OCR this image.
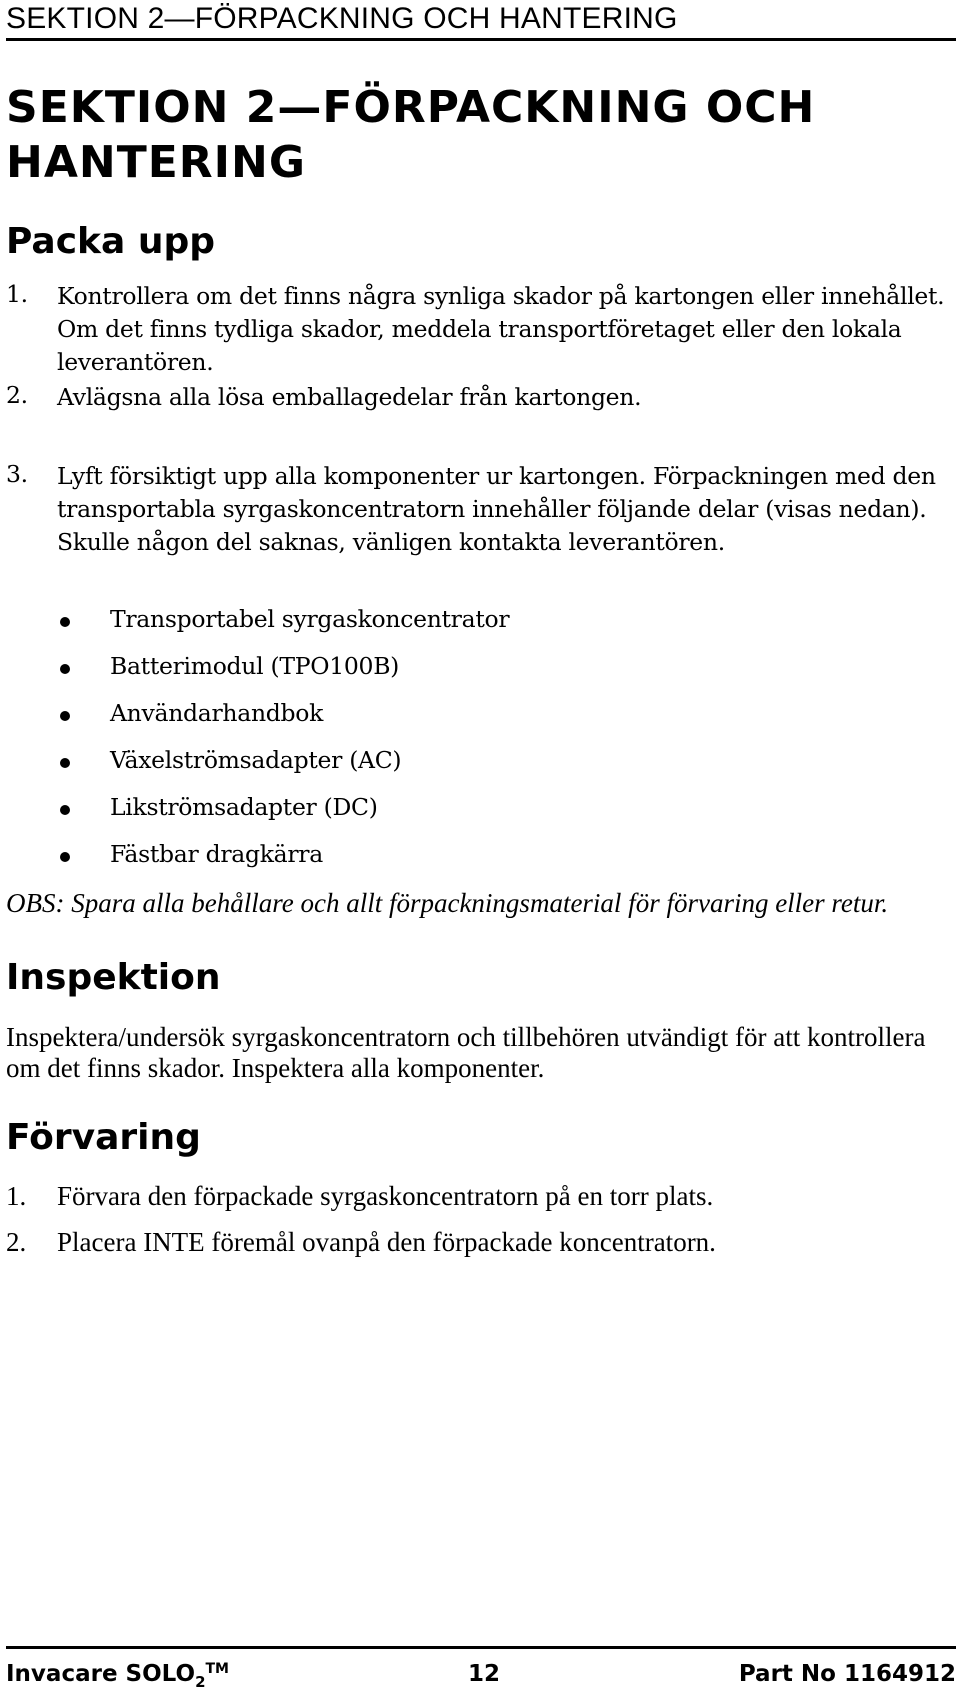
SEKTION 2—FÖRPACKNING OCH HANTERING
SEKTION 2—FÖRPACKNING OCH HANTERING
Packa upp
1. Kontrollera om det finns några synliga skador på kartongen eller innehållet. Om det finns tydliga skador, meddela transportföretaget eller den lokala leverantören.
2. Avlägsna alla lösa emballagedelar från kartongen.
3. Lyft försiktigt upp alla komponenter ur kartongen. Förpackningen med den transportabla syrgaskoncentratorn innehåller följande delar (visas nedan). Skulle någon del saknas, vänligen kontakta leverantören.
Transportabel syrgaskoncentrator
Batterimodul (TPO100B)
Användarhandbok
Växelströmsadapter (AC)
Likströmsadapter (DC)
Fästbar dragkärra
OBS: Spara alla behållare och allt förpackningsmaterial för förvaring eller retur.
Inspektion
Inspektera/undersök syrgaskoncentratorn och tillbehören utvändigt för att kontrollera om det finns skador. Inspektera alla komponenter.
Förvaring
1. Förvara den förpackade syrgaskoncentratorn på en torr plats.
2. Placera INTE föremål ovanpå den förpackade koncentratorn.
Invacare $SOLO_2™$	12	Part No 1164912
